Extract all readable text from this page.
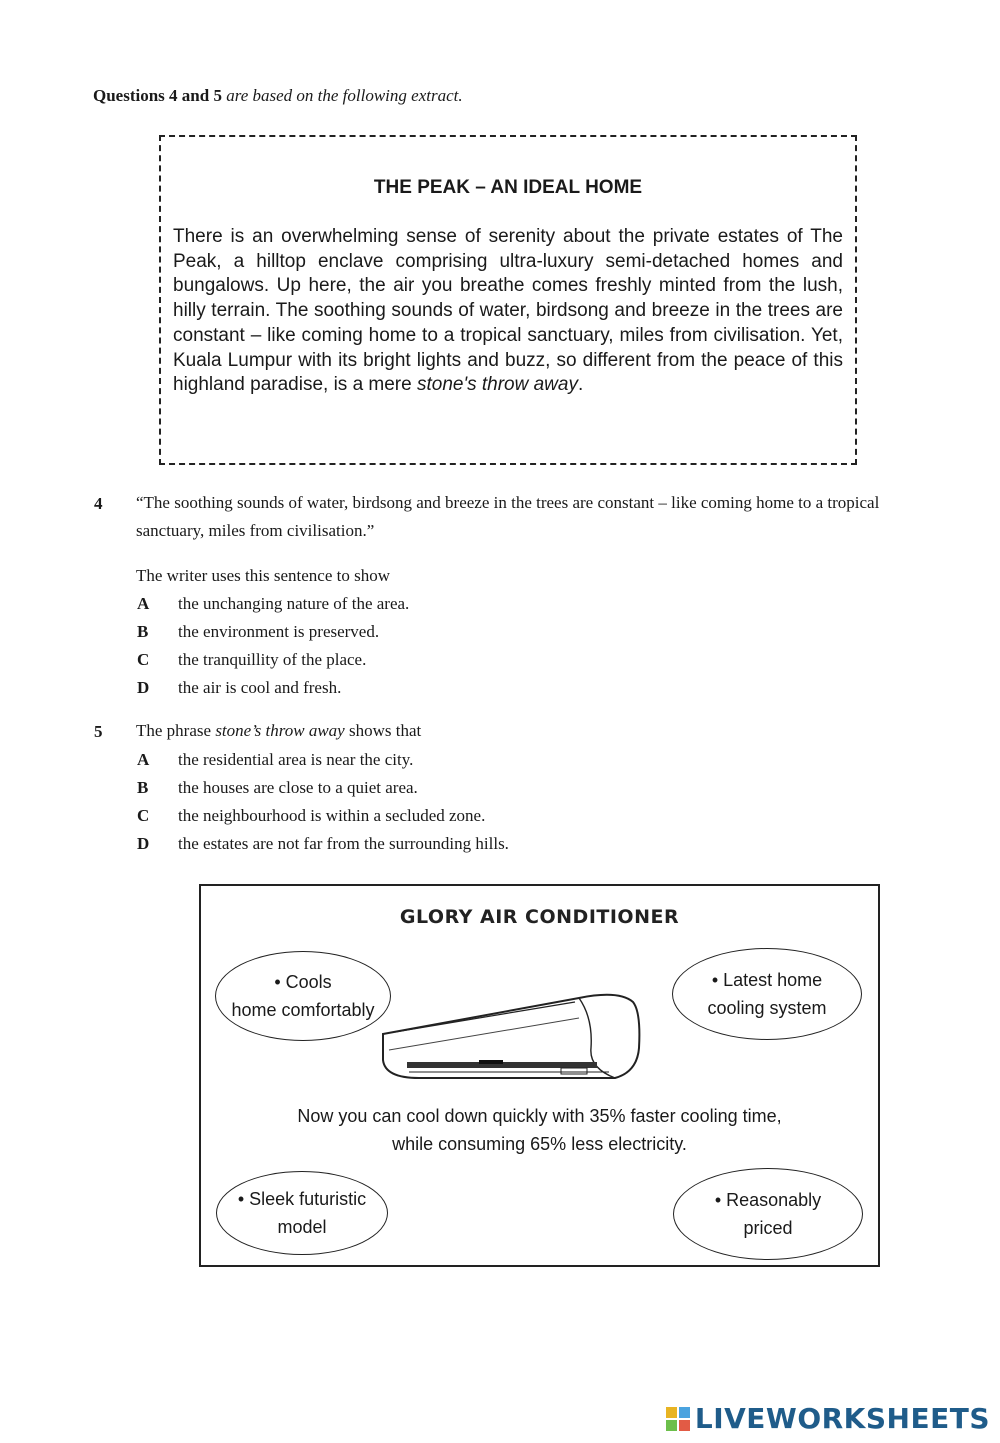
Questions 4 and 5 are based on the following extract.
THE PEAK – AN IDEAL HOME
There is an overwhelming sense of serenity about the private estates of The Peak, a hilltop enclave comprising ultra-luxury semi-detached homes and bungalows. Up here, the air you breathe comes freshly minted from the lush, hilly terrain. The soothing sounds of water, birdsong and breeze in the trees are constant – like coming home to a tropical sanctuary, miles from civilisation. Yet, Kuala Lumpur with its bright lights and buzz, so different from the peace of this highland paradise, is a mere stone's throw away.
4 “The soothing sounds of water, birdsong and breeze in the trees are constant – like coming home to a tropical sanctuary, miles from civilisation.”
The writer uses this sentence to show
A the unchanging nature of the area.
B the environment is preserved.
C the tranquillity of the place.
D the air is cool and fresh.
5 The phrase stone’s throw away shows that
A the residential area is near the city.
B the houses are close to a quiet area.
C the neighbourhood is within a secluded zone.
D the estates are not far from the surrounding hills.
GLORY AIR CONDITIONER
• Cools
home comfortably
• Latest home
cooling system
Now you can cool down quickly with 35% faster cooling time,
while consuming 65% less electricity.
• Sleek futuristic
model
• Reasonably
priced
LIVEWORKSHEETS
